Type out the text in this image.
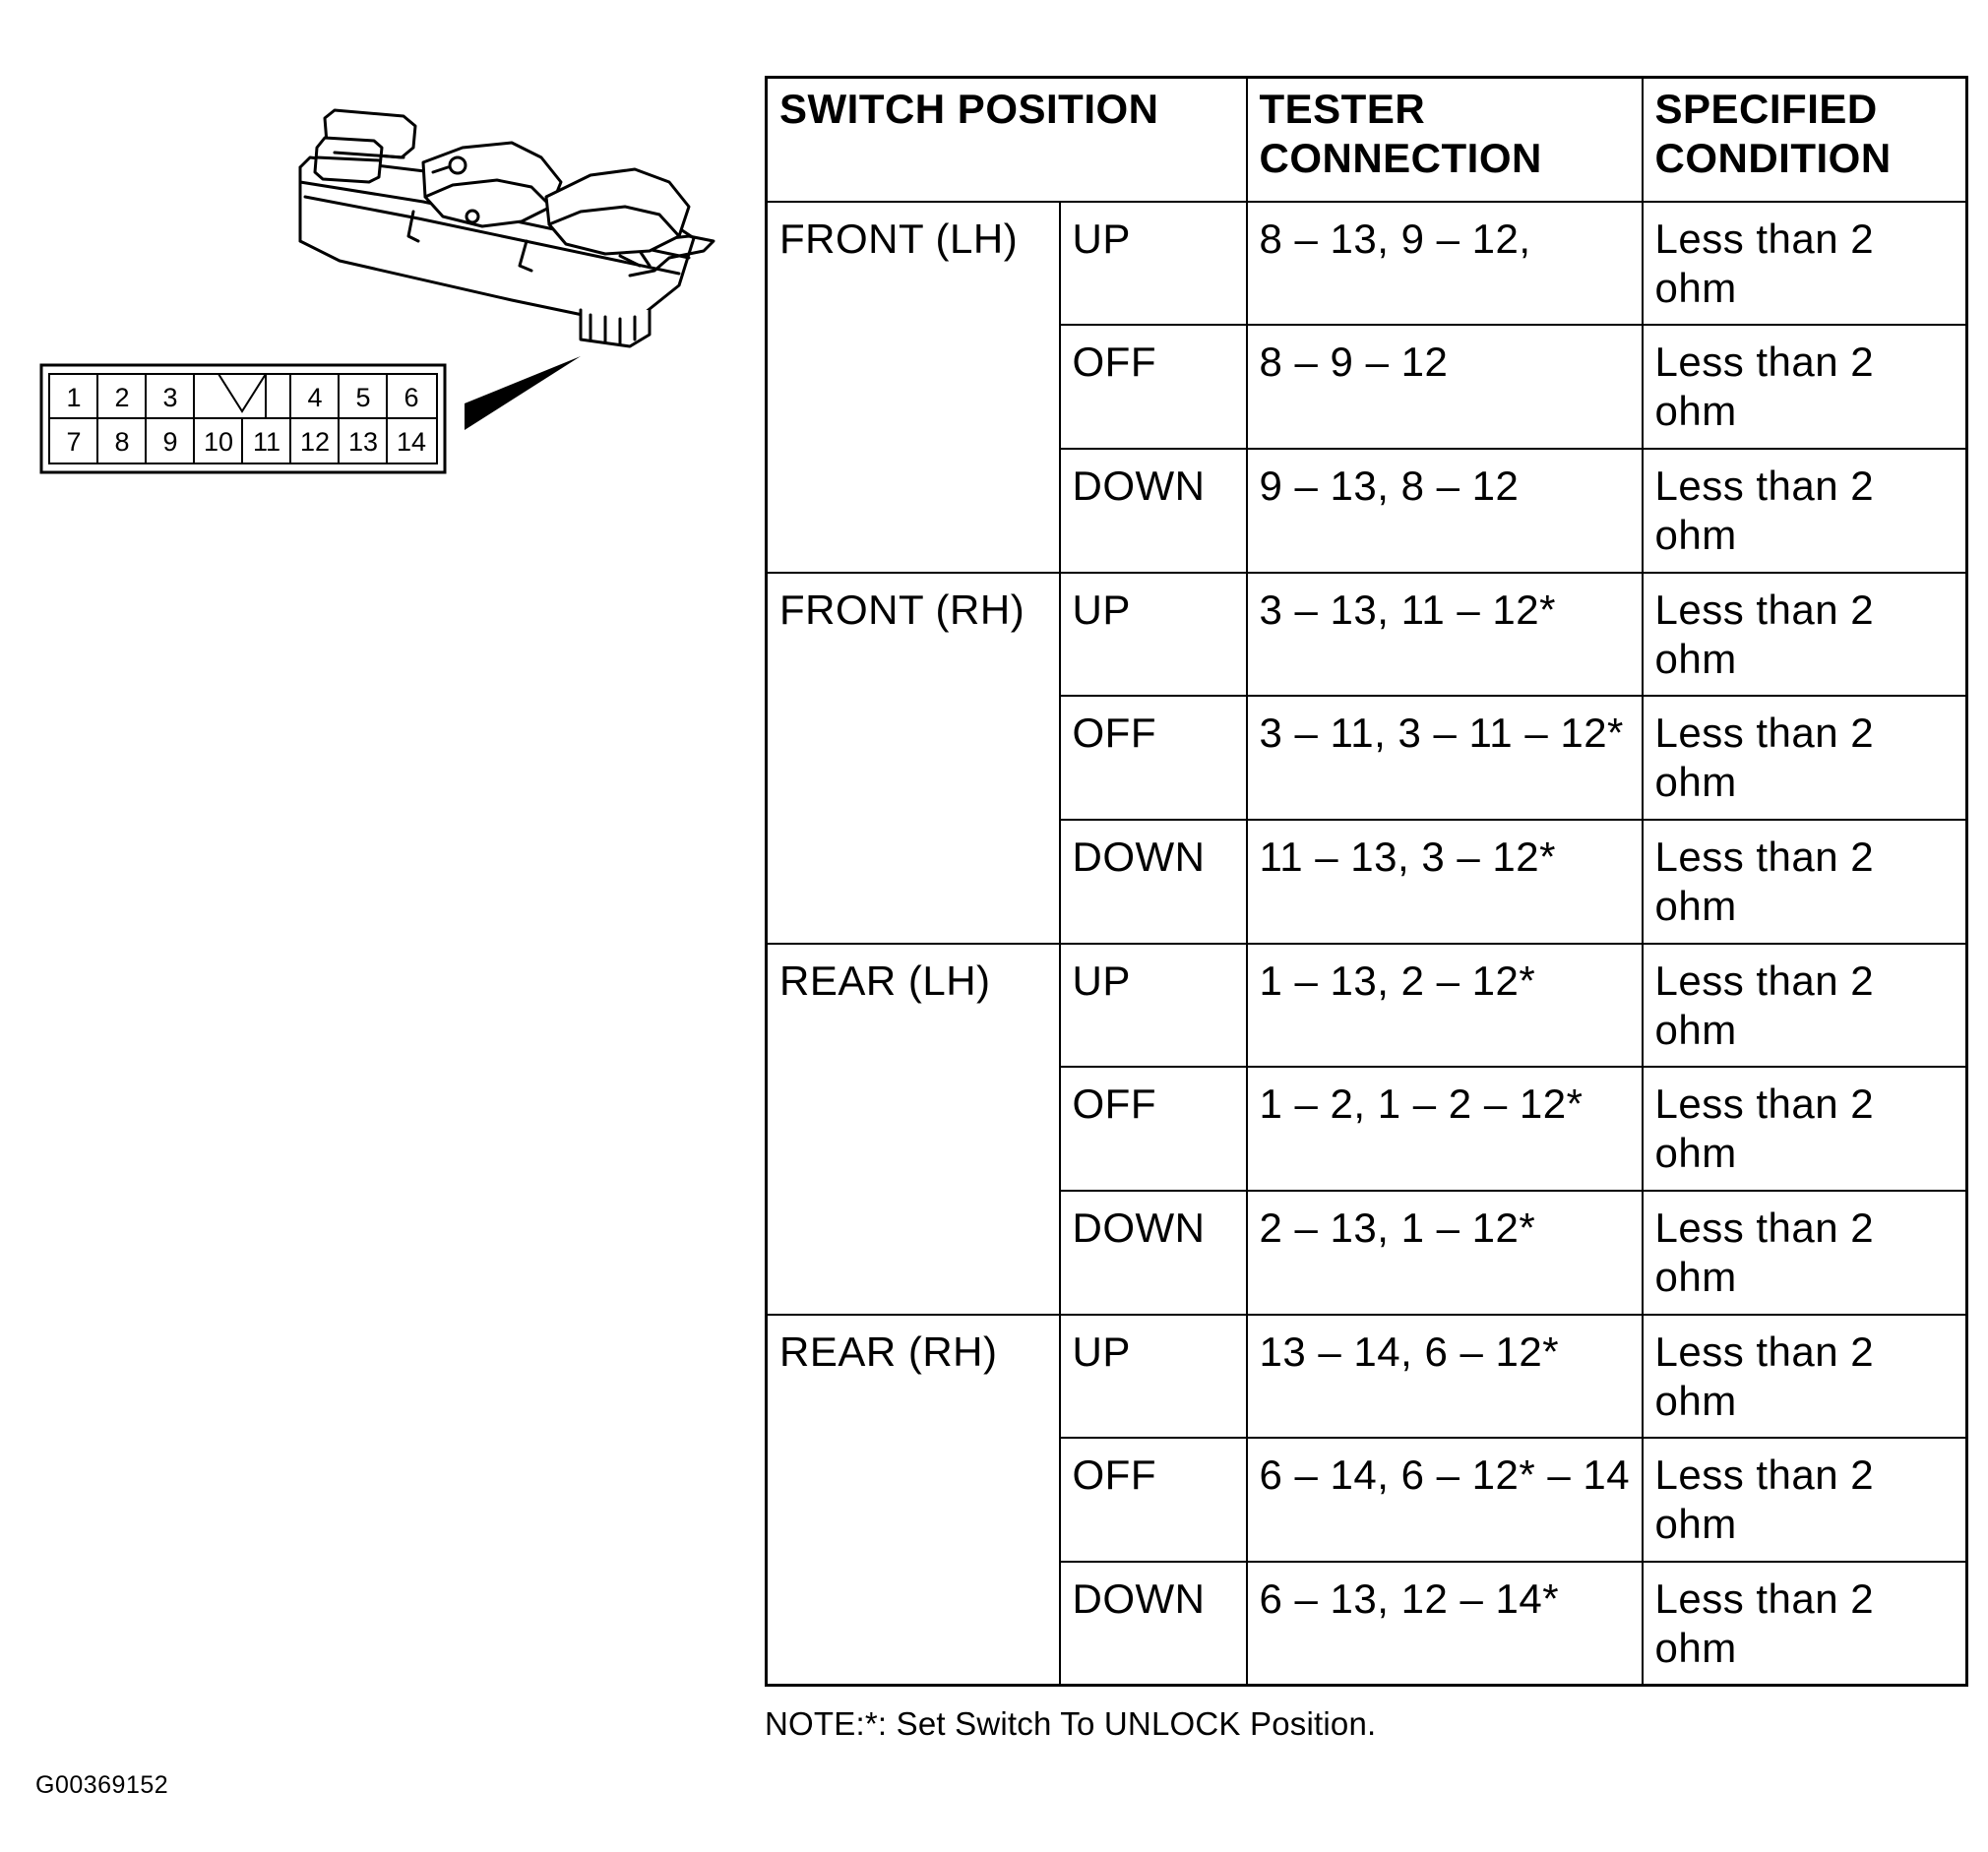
1 2 3	4 5 6
7 8 9 10 11 12 13 14
SWITCH POSITION		TESTER CONNECTION	SPECIFIED CONDITION
FRONT (LH)	UP	8 – 13, 9 – 12,	Less than 2 ohm
	OFF	8 – 9 – 12	Less than 2 ohm
	DOWN	9 – 13, 8 – 12	Less than 2 ohm
FRONT (RH)	UP	3 – 13, 11 – 12*	Less than 2 ohm
	OFF	3 – 11, 3 – 11 – 12*	Less than 2 ohm
	DOWN	11 – 13, 3 – 12*	Less than 2 ohm
REAR (LH)	UP	1 – 13, 2 – 12*	Less than 2 ohm
	OFF	1 – 2, 1 – 2 – 12*	Less than 2 ohm
	DOWN	2 – 13, 1 – 12*	Less than 2 ohm
REAR (RH)	UP	13 – 14, 6 – 12*	Less than 2 ohm
	OFF	6 – 14, 6 – 12* – 14	Less than 2 ohm
	DOWN	6 – 13, 12 – 14*	Less than 2 ohm
NOTE:*: Set Switch To UNLOCK Position.
G00369152
